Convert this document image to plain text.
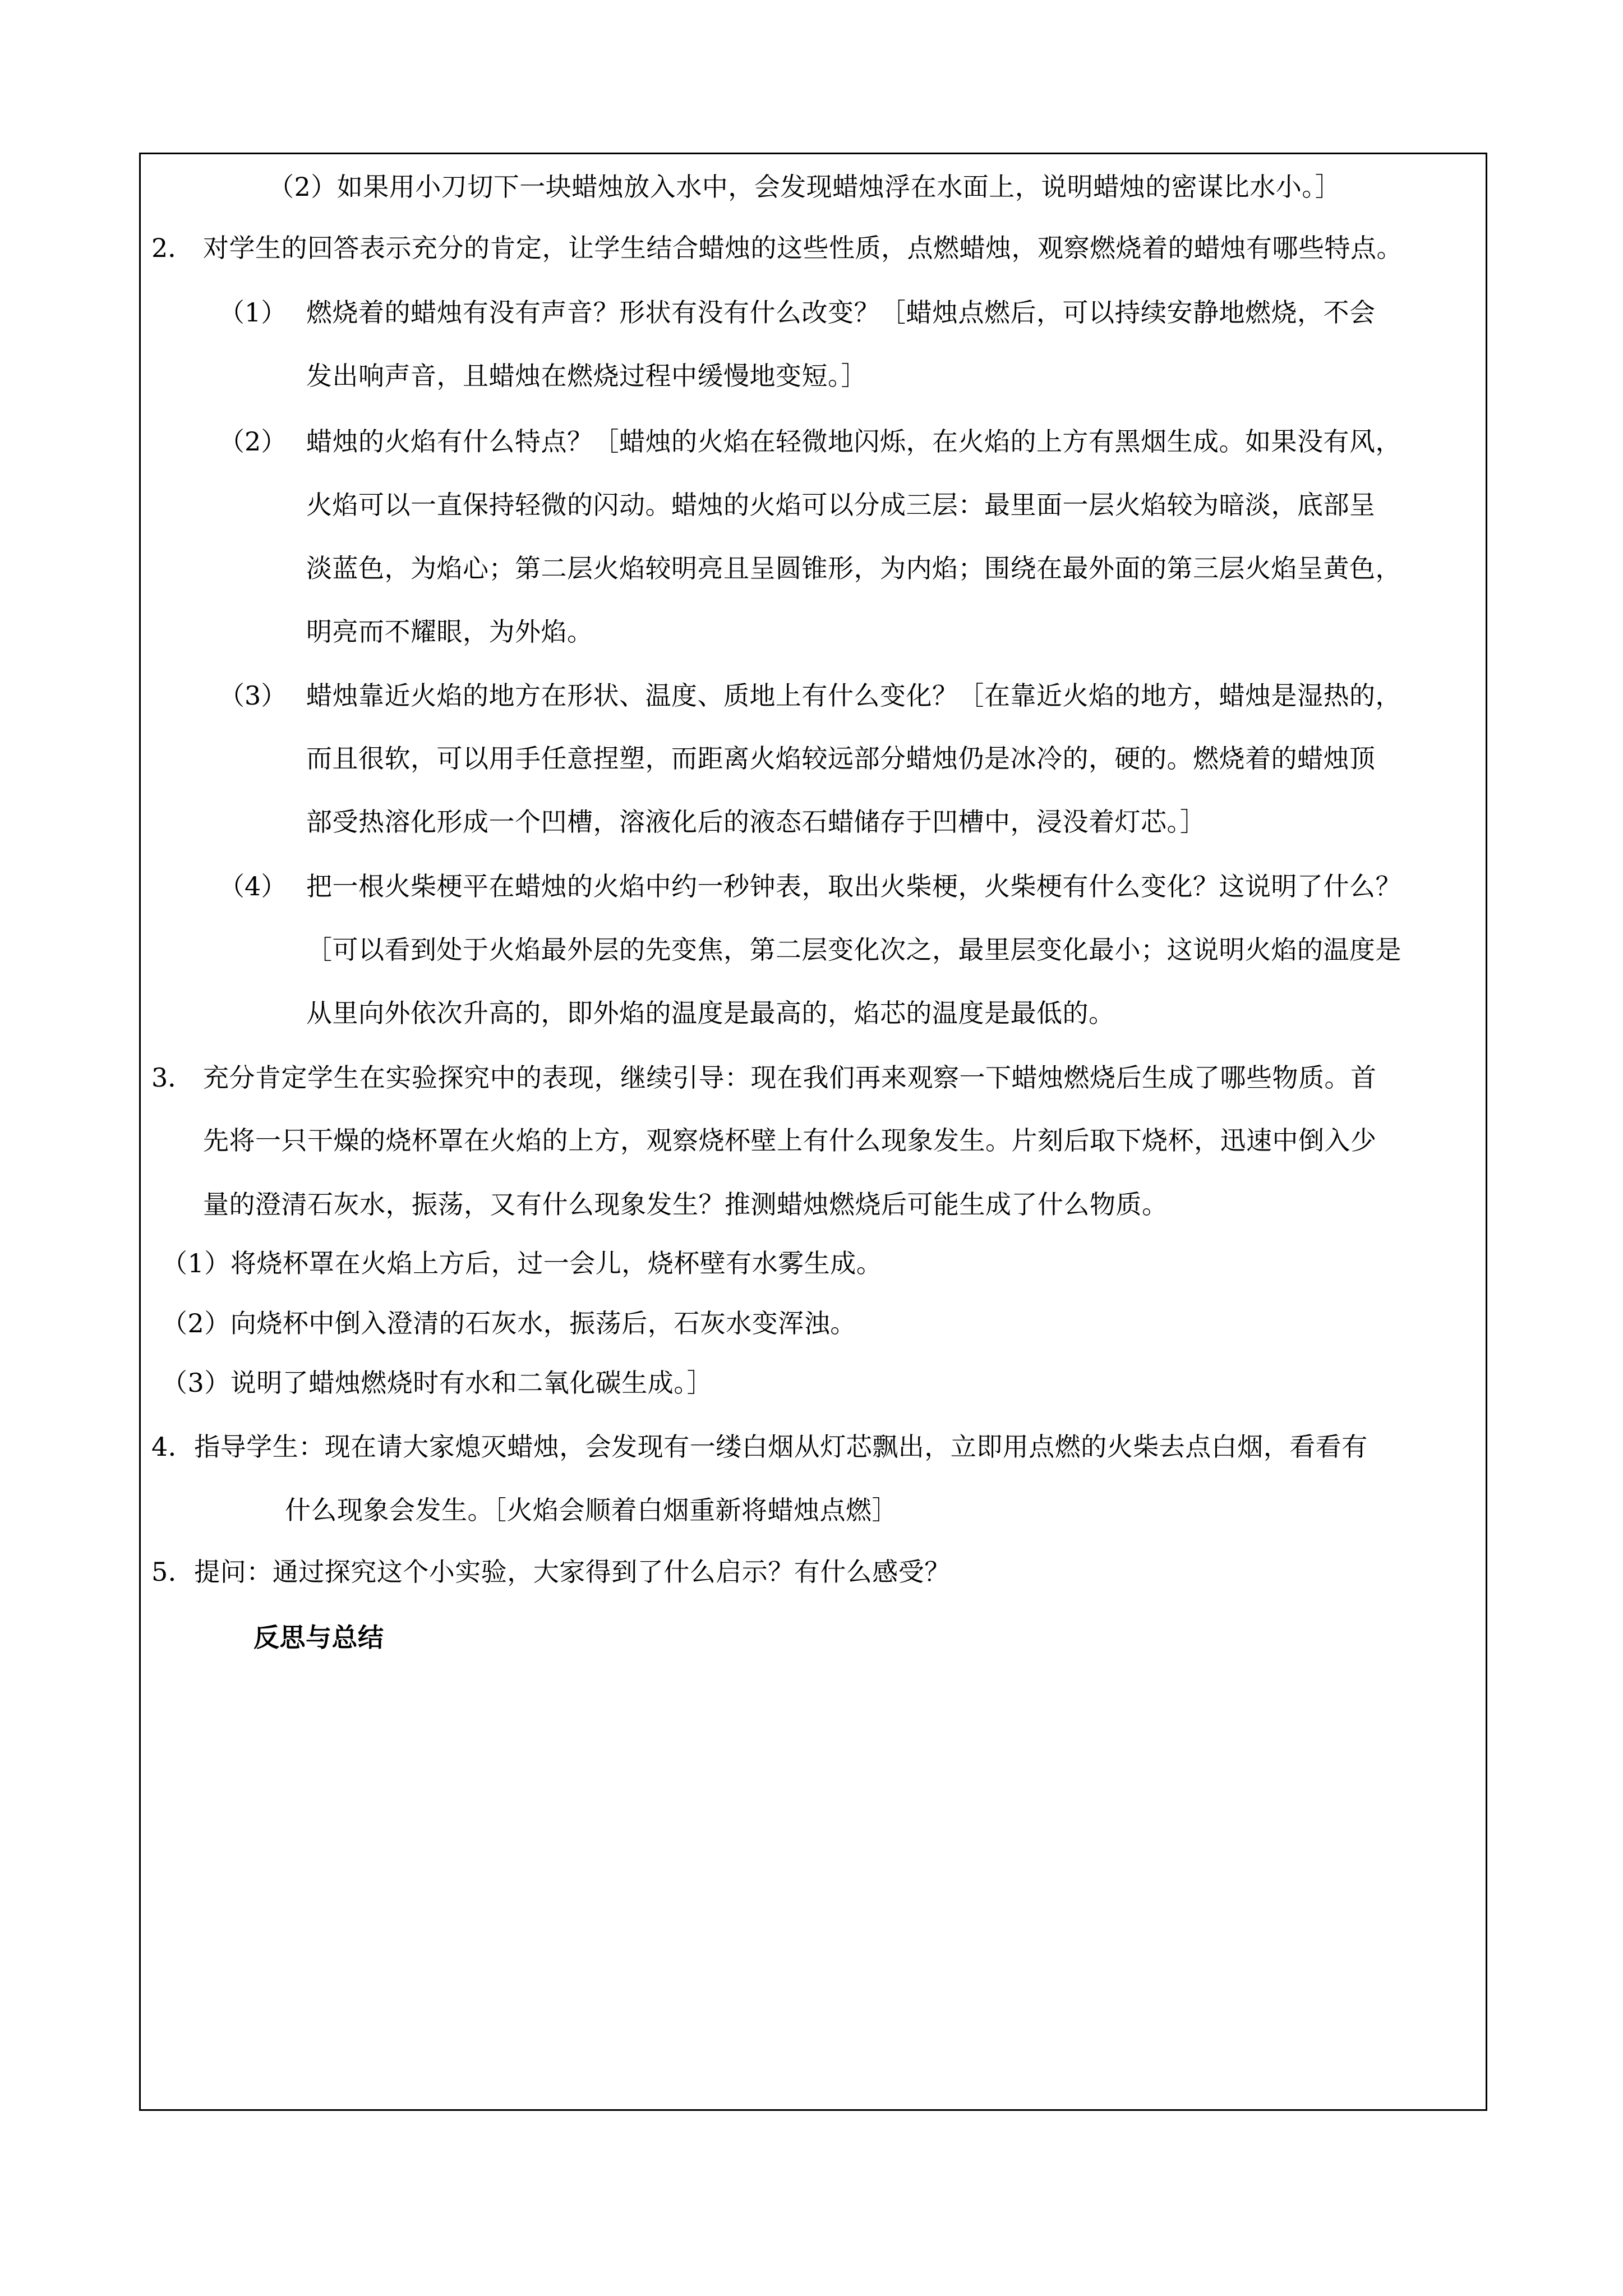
（2）如果用小刀切下一块蜡烛放入水中，会发现蜡烛浮在水面上，说明蜡烛的密谋比水小。］
2． 对学生的回答表示充分的肯定，让学生结合蜡烛的这些性质，点燃蜡烛，观察燃烧着的蜡烛有哪些特点。
（1） 燃烧着的蜡烛有没有声音？形状有没有什么改变？［蜡烛点燃后，可以持续安静地燃烧，不会
发出响声音，且蜡烛在燃烧过程中缓慢地变短。］
（2） 蜡烛的火焰有什么特点？［蜡烛的火焰在轻微地闪烁，在火焰的上方有黑烟生成。如果没有风，
火焰可以一直保持轻微的闪动。蜡烛的火焰可以分成三层：最里面一层火焰较为暗淡，底部呈
淡蓝色，为焰心；第二层火焰较明亮且呈圆锥形，为内焰；围绕在最外面的第三层火焰呈黄色，
明亮而不耀眼，为外焰。
（3） 蜡烛靠近火焰的地方在形状、温度、质地上有什么变化？［在靠近火焰的地方，蜡烛是湿热的，
而且很软，可以用手任意捏塑，而距离火焰较远部分蜡烛仍是冰冷的，硬的。燃烧着的蜡烛顶
部受热溶化形成一个凹槽，溶液化后的液态石蜡储存于凹槽中，浸没着灯芯。］
（4） 把一根火柴梗平在蜡烛的火焰中约一秒钟表，取出火柴梗，火柴梗有什么变化？这说明了什么？
［可以看到处于火焰最外层的先变焦，第二层变化次之，最里层变化最小；这说明火焰的温度是
从里向外依次升高的，即外焰的温度是最高的，焰芯的温度是最低的。
3． 充分肯定学生在实验探究中的表现，继续引导：现在我们再来观察一下蜡烛燃烧后生成了哪些物质。首
先将一只干燥的烧杯罩在火焰的上方，观察烧杯壁上有什么现象发生。片刻后取下烧杯，迅速中倒入少
量的澄清石灰水，振荡，又有什么现象发生？推测蜡烛燃烧后可能生成了什么物质。
（1）将烧杯罩在火焰上方后，过一会儿，烧杯壁有水雾生成。
（2）向烧杯中倒入澄清的石灰水，振荡后，石灰水变浑浊。
（3）说明了蜡烛燃烧时有水和二氧化碳生成。］
4．指导学生：现在请大家熄灭蜡烛，会发现有一缕白烟从灯芯飘出，立即用点燃的火柴去点白烟，看看有
什么现象会发生。［火焰会顺着白烟重新将蜡烛点燃］
5．提问：通过探究这个小实验，大家得到了什么启示？有什么感受？
反思与总结
